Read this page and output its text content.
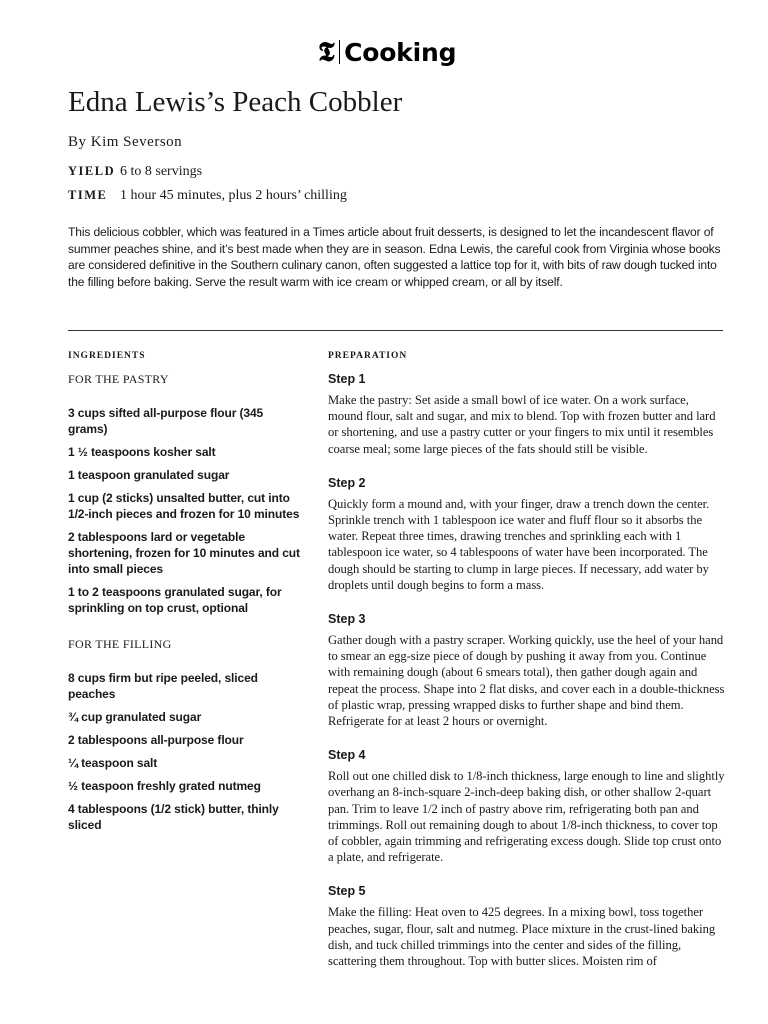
𝕿 Cooking
Edna Lewis’s Peach Cobbler
By Kim Severson
YIELD 6 to 8 servings
TIME 1 hour 45 minutes, plus 2 hours’ chilling

This delicious cobbler, which was featured in a Times article about fruit desserts, is designed to let the incandescent flavor of summer peaches shine, and it’s best made when they are in season. Edna Lewis, the careful cook from Virginia whose books are considered definitive in the Southern culinary canon, often suggested a lattice top for it, with bits of raw dough tucked into the filling before baking. Serve the result warm with ice cream or whipped cream, or all by itself.

INGREDIENTS	PREPARATION
FOR THE PASTRY
3 cups sifted all-purpose flour (345 grams)
1 ½ teaspoons kosher salt
1 teaspoon granulated sugar
1 cup (2 sticks) unsalted butter, cut into 1/2-inch pieces and frozen for 10 minutes
2 tablespoons lard or vegetable shortening, frozen for 10 minutes and cut into small pieces
1 to 2 teaspoons granulated sugar, for sprinkling on top crust, optional
FOR THE FILLING
8 cups firm but ripe peeled, sliced peaches
¾ cup granulated sugar
2 tablespoons all-purpose flour
¼ teaspoon salt
½ teaspoon freshly grated nutmeg
4 tablespoons (1/2 stick) butter, thinly sliced
Step 1

Make the pastry: Set aside a small bowl of ice water. On a work surface, mound flour, salt and sugar, and mix to blend. Top with frozen butter and lard or shortening, and use a pastry cutter or your fingers to mix until it resembles coarse meal; some large pieces of the fats should still be visible.

Step 2

Quickly form a mound and, with your finger, draw a trench down the center. Sprinkle trench with 1 tablespoon ice water and fluff flour so it absorbs the water. Repeat three times, drawing trenches and sprinkling each with 1 tablespoon ice water, so 4 tablespoons of water have been incorporated. The dough should be starting to clump in large pieces. If necessary, add water by droplets until dough begins to form a mass.

Step 3

Gather dough with a pastry scraper. Working quickly, use the heel of your hand to smear an egg-size piece of dough by pushing it away from you. Continue with remaining dough (about 6 smears total), then gather dough again and repeat the process. Shape into 2 flat disks, and cover each in a double-thickness of plastic wrap, pressing wrapped disks to further shape and bind them. Refrigerate for at least 2 hours or overnight.

Step 4

Roll out one chilled disk to 1/8-inch thickness, large enough to line and slightly overhang an 8-inch-square 2-inch-deep baking dish, or other shallow 2-quart pan. Trim to leave 1/2 inch of pastry above rim, refrigerating both pan and trimmings. Roll out remaining dough to about 1/8-inch thickness, to cover top of cobbler, again trimming and refrigerating excess dough. Slide top crust onto a plate, and refrigerate.

Step 5

Make the filling: Heat oven to 425 degrees. In a mixing bowl, toss together peaches, sugar, flour, salt and nutmeg. Place mixture in the crust-lined baking dish, and tuck chilled trimmings into the center and sides of the filling, scattering them throughout. Top with butter slices. Moisten rim of
